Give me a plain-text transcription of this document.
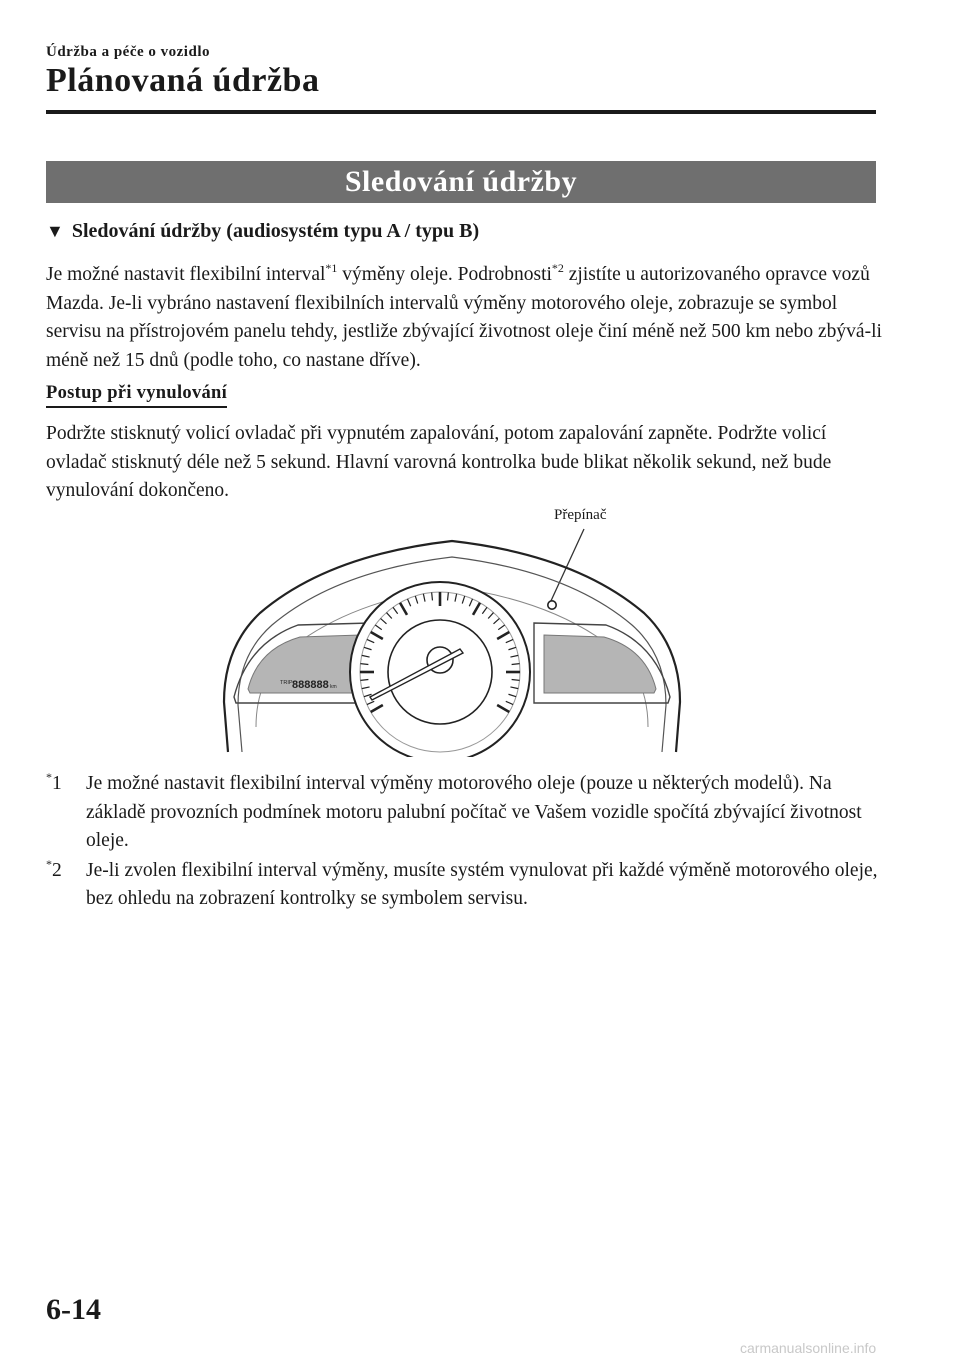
Údržba a péče o vozidlo
Plánovaná údržba
Sledování údržby
▼ Sledování údržby (audiosystém typu A / typu B)

Je možné nastavit flexibilní interval$^{*1}$ výměny oleje. Podrobnosti$^{*2}$ zjistíte u autorizovaného opravce vozů Mazda. Je-li vybráno nastavení flexibilních intervalů výměny motorového oleje, zobrazuje se symbol servisu na přístrojovém panelu tehdy, jestliže zbývající životnost oleje činí méně než 500 km nebo zbývá-li méně než 15 dnů (podle toho, co nastane dříve).

Postup při vynulování

Podržte stisknutý volicí ovladač při vypnutém zapalování, potom zapalování zapněte. Podržte volicí ovladač stisknutý déle než 5 sekund. Hlavní varovná kontrolka bude blikat několik sekund, než bude vynulování dokončeno.

Přepínač
TRIP 888888 km
*1 Je možné nastavit flexibilní interval výměny motorového oleje (pouze u některých modelů). Na základě provozních podmínek motoru palubní počítač ve Vašem vozidle spočítá zbývající životnost oleje.
*2 Je-li zvolen flexibilní interval výměny, musíte systém vynulovat při každé výměně motorového oleje, bez ohledu na zobrazení kontrolky se symbolem servisu.
6-14
carmanualsonline.info
